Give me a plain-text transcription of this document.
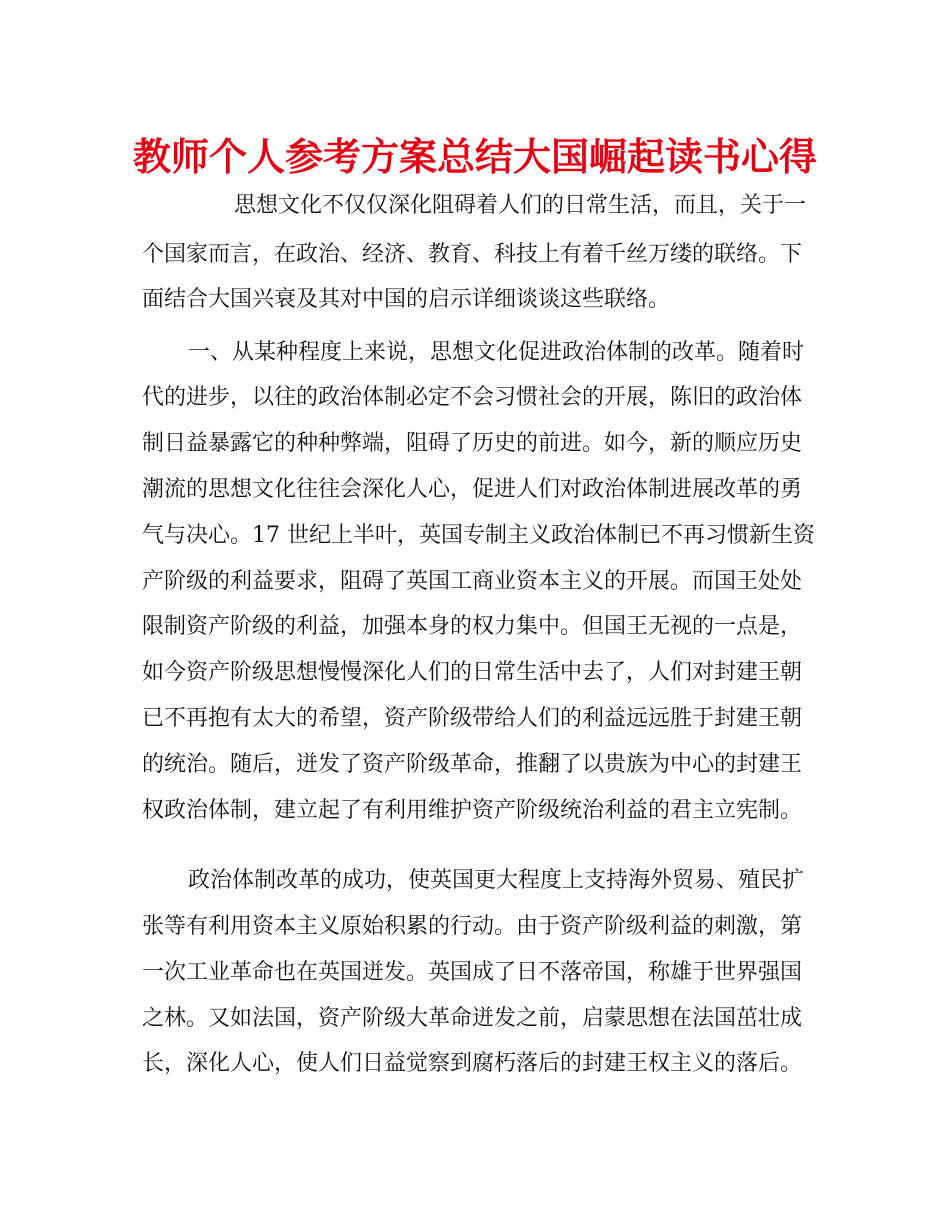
教师个人参考方案总结大国崛起读书心得
思想文化不仅仅深化阻碍着人们的日常生活，而且，关于一
个国家而言，在政治、经济、教育、科技上有着千丝万缕的联络。下
面结合大国兴衰及其对中国的启示详细谈谈这些联络。
一、从某种程度上来说，思想文化促进政治体制的改革。随着时
代的进步，以往的政治体制必定不会习惯社会的开展，陈旧的政治体
制日益暴露它的种种弊端，阻碍了历史的前进。如今，新的顺应历史
潮流的思想文化往往会深化人心，促进人们对政治体制进展改革的勇
气与决心。17 世纪上半叶，英国专制主义政治体制已不再习惯新生资
产阶级的利益要求，阻碍了英国工商业资本主义的开展。而国王处处
限制资产阶级的利益，加强本身的权力集中。但国王无视的一点是，
如今资产阶级思想慢慢深化人们的日常生活中去了，人们对封建王朝
已不再抱有太大的希望，资产阶级带给人们的利益远远胜于封建王朝
的统治。随后，迸发了资产阶级革命，推翻了以贵族为中心的封建王
权政治体制，建立起了有利用维护资产阶级统治利益的君主立宪制。
政治体制改革的成功，使英国更大程度上支持海外贸易、殖民扩
张等有利用资本主义原始积累的行动。由于资产阶级利益的刺激，第
一次工业革命也在英国迸发。英国成了日不落帝国，称雄于世界强国
之林。又如法国，资产阶级大革命迸发之前，启蒙思想在法国茁壮成
长，深化人心，使人们日益觉察到腐朽落后的封建王权主义的落后。
